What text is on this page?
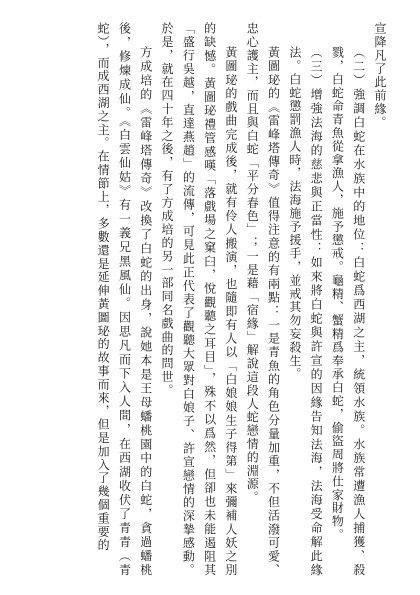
宣降凡了此前緣。

（二）強調白蛇在水族中的地位：白蛇爲西湖之主，統領水族。水族常遭漁人捕獲、殺戮，白蛇命青魚從拿漁人，施予懲戒。龜精、蟹精爲奉承白蛇，偷盜周將仕家財物。

（三）增強法海的慈悲與正當性：如來將白蛇與許宣的因緣告知法海，法海受命解此緣法。白蛇懲罰漁人時，法海施予援手，並戒其勿妄殺生。

黃圖珌的《雷峰塔傳奇》值得注意的有兩點：一是青魚的角色分量加重，不但活潑可愛、忠心護主，而且與白蛇「平分春色」；一是藉「宿緣」解說這段人蛇戀情的淵源。

黃圖珌的戲曲完成後，就有伶人搬演，也隨即有人以「白娘娘生子得第」來彌補人妖之別的缺憾。黃圖珌禮管感嘆「落戲場之窠臼，悅觀聽之耳目」，殊不以爲然，但卻也未能遏阻其「盛行吳越，直達燕趙」的流傳，可見此正代表了觀聽大眾對白娘子、許宣戀情的深摯感動。於是，就在四十年之後，有了方成培的另一部同名戲曲的問世。

方成培的《雷峰塔傳奇》改換了白蛇的出身，說她本是王母蟠桃園中的白蛇，貪過蟠桃後，修煉成仙。《白雲仙姑》有一義兄黑風仙。因思凡而下入人間，在西湖收伏了青青（青蛇），而成西湖之主。在情節上，多數還是延伸黃圖珌的故事而來，但是加入了幾個重要的
